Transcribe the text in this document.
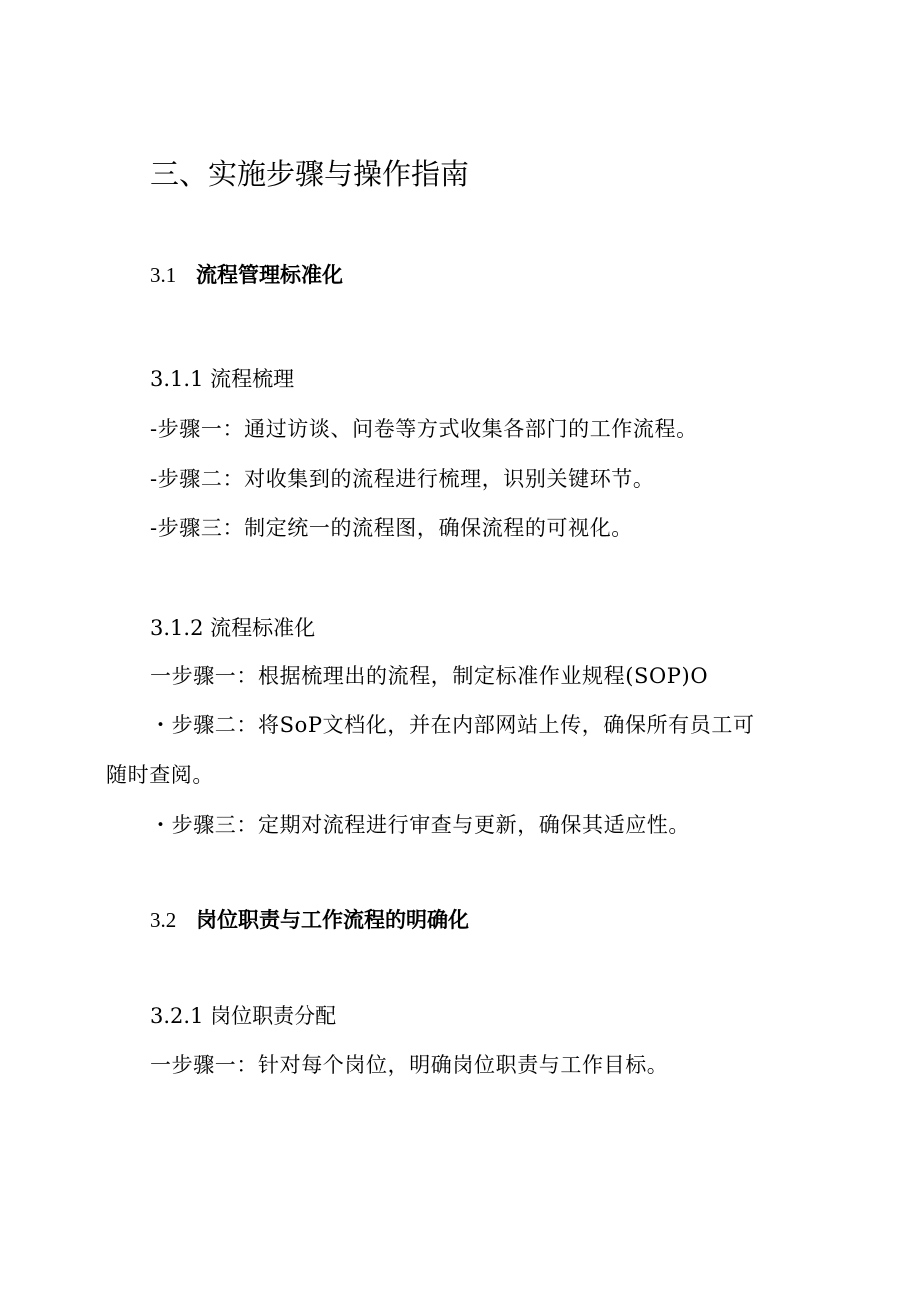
三、实施步骤与操作指南
3.1 流程管理标准化
3.1.1 流程梳理
-步骤一：通过访谈、问卷等方式收集各部门的工作流程。
-步骤二：对收集到的流程进行梳理，识别关键环节。
-步骤三：制定统一的流程图，确保流程的可视化。
3.1.2 流程标准化
一步骤一：根据梳理出的流程，制定标准作业规程(SOP)O
・步骤二：将SoP文档化，并在内部网站上传，确保所有员工可
随时查阅。
・步骤三：定期对流程进行审查与更新，确保其适应性。
3.2 岗位职责与工作流程的明确化
3.2.1 岗位职责分配
一步骤一：针对每个岗位，明确岗位职责与工作目标。
